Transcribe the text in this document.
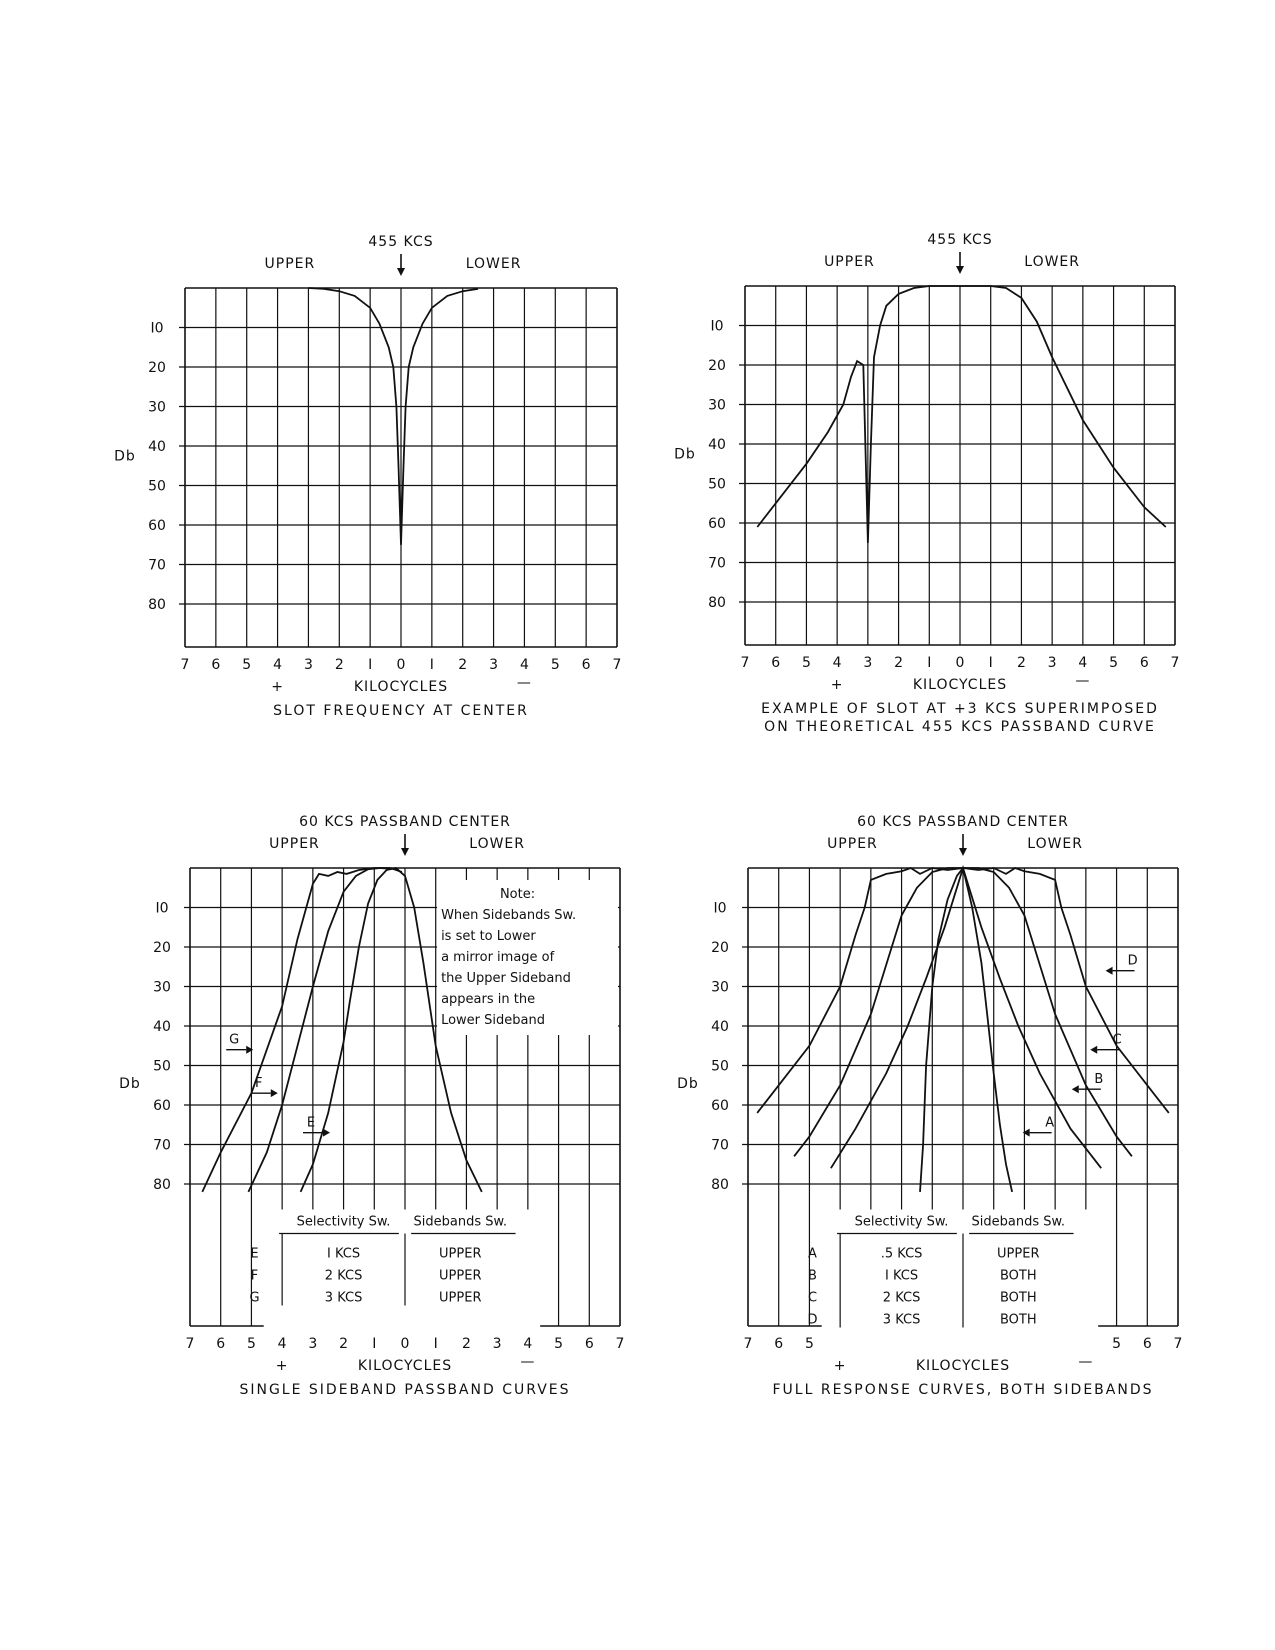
I0
20
30
40
50
60
70
80
7 6 5 4 3 2 I 0 I 2 3 4 5 6 7
Db
455 KCS
UPPER	LOWER
+	KILOCYCLES	—
SLOT FREQUENCY AT CENTER
I0
20
30
40
50
60
70
80
7 6 5 4 3 2 I 0 I 2 3 4 5 6 7
Db
455 KCS
UPPER	LOWER
+	KILOCYCLES	—
EXAMPLE OF SLOT AT +3 KCS SUPERIMPOSED
ON THEORETICAL 455 KCS PASSBAND CURVE
I0
20
30
40
50
60
70
80
7 6 5 4 3 2 I 0 I 2 3 4 5 6 7
Db
60 KCS PASSBAND CENTER
UPPER	LOWER
+	KILOCYCLES	—
SINGLE SIDEBAND PASSBAND CURVES
G
F
E
Note:
When Sidebands Sw.
is set to Lower
a mirror image of
the Upper Sideband
appears in the
Lower Sideband
Selectivity Sw. Sidebands Sw.
E	I KCS	UPPER
F	2 KCS	UPPER
G	3 KCS	UPPER
I0
20
30
40
50
60
70
80
7 6 5	5 6 7
Db
60 KCS PASSBAND CENTER
UPPER	LOWER
+	KILOCYCLES	—
FULL RESPONSE CURVES, BOTH SIDEBANDS
A
B
C
D
Selectivity Sw. Sidebands Sw.
A	.5 KCS	UPPER
B	I KCS	BOTH
C	2 KCS	BOTH
D	3 KCS	BOTH
